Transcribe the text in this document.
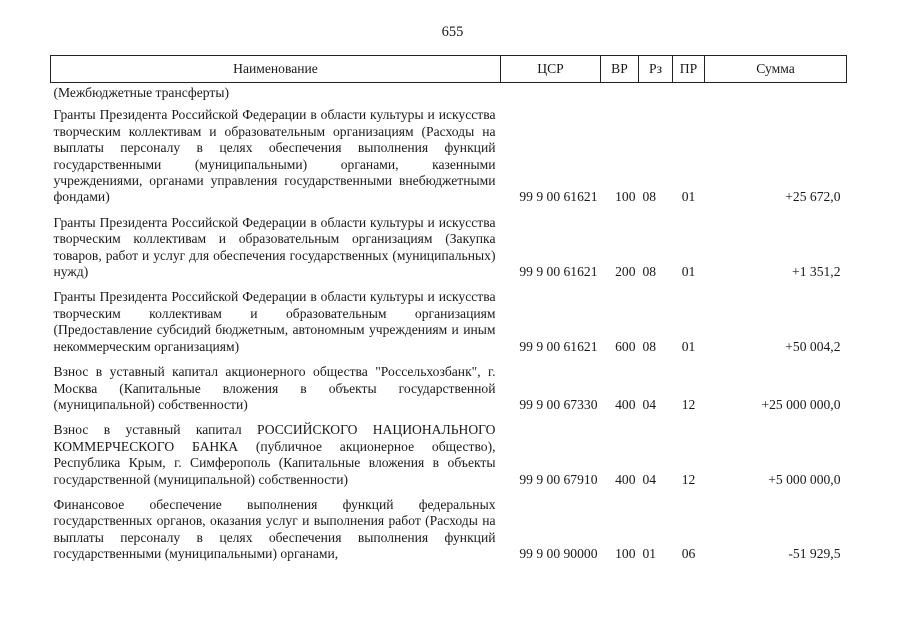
655
Наименование	ЦСР	ВР	Рз	ПР	Сумма
(Межбюджетные трансферты)					
Гранты Президента Российской Федерации в области культуры и искусства творческим коллективам и образовательным организациям (Расходы на выплаты персоналу в целях обеспечения выполнения функций государственными (муниципальными) органами, казенными учреждениями, органами управления государственными внебюджетными фондами)	99 9 00 61621	100	08	01	+25 672,0
Гранты Президента Российской Федерации в области культуры и искусства творческим коллективам и образовательным организациям (Закупка товаров, работ и услуг для обеспечения государственных (муниципальных) нужд)	99 9 00 61621	200	08	01	+1 351,2
Гранты Президента Российской Федерации в области культуры и искусства творческим коллективам и образовательным организациям (Предоставление субсидий бюджетным, автономным учреждениям и иным некоммерческим организациям)	99 9 00 61621	600	08	01	+50 004,2
Взнос в уставный капитал акционерного общества "Россельхозбанк", г. Москва (Капитальные вложения в объекты государственной (муниципальной) собственности)	99 9 00 67330	400	04	12	+25 000 000,0
Взнос в уставный капитал РОССИЙСКОГО НАЦИОНАЛЬНОГО КОММЕРЧЕСКОГО БАНКА (публичное акционерное общество), Республика Крым, г. Симферополь (Капитальные вложения в объекты государственной (муниципальной) собственности)	99 9 00 67910	400	04	12	+5 000 000,0
Финансовое обеспечение выполнения функций федеральных государственных органов, оказания услуг и выполнения работ (Расходы на выплаты персоналу в целях обеспечения выполнения функций государственными (муниципальными) органами,	99 9 00 90000	100	01	06	-51 929,5
